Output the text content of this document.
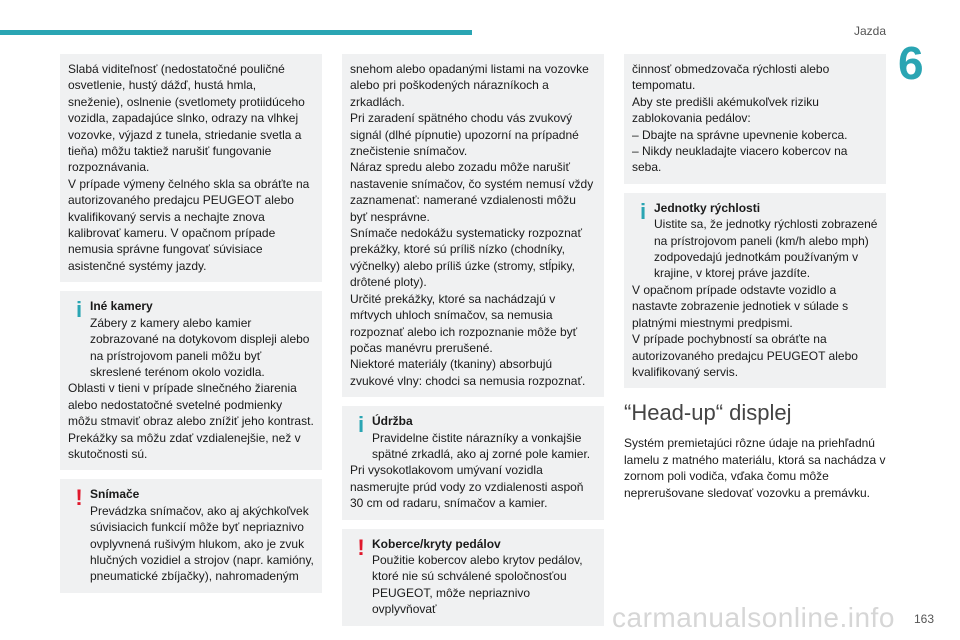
Jazda
6

Slabá viditeľnosť (nedostatočné pouličné osvetlenie, hustý dážď, hustá hmla, sneženie), oslnenie (svetlomety protiidúceho vozidla, zapadajúce slnko, odrazy na vlhkej vozovke, výjazd z tunela, striedanie svetla a tieňa) môžu taktiež narušiť fungovanie rozpoznávania.

V prípade výmeny čelného skla sa obráťte na autorizovaného predajcu PEUGEOT alebo kvalifikovaný servis a nechajte znova kalibrovať kameru. V opačnom prípade nemusia správne fungovať súvisiace asistenčné systémy jazdy.

i Iné kamery

Zábery z kamery alebo kamier zobrazované na dotykovom displeji alebo na prístrojovom paneli môžu byť skreslené terénom okolo vozidla.

Oblasti v tieni v prípade slnečného žiarenia alebo nedostatočné svetelné podmienky môžu stmaviť obraz alebo znížiť jeho kontrast.

Prekážky sa môžu zdať vzdialenejšie, než v skutočnosti sú.

! Snímače

Prevádzka snímačov, ako aj akýchkoľvek súvisiacich funkcií môže byť nepriaznivo ovplyvnená rušivým hlukom, ako je zvuk hlučných vozidiel a strojov (napr. kamióny, pneumatické zbíjačky), nahromadeným

snehom alebo opadanými listami na vozovke alebo pri poškodených nárazníkoch a zrkadlách.

Pri zaradení spätného chodu vás zvukový signál (dlhé pípnutie) upozorní na prípadné znečistenie snímačov.

Náraz spredu alebo zozadu môže narušiť nastavenie snímačov, čo systém nemusí vždy zaznamenať: namerané vzdialenosti môžu byť nesprávne.

Snímače nedokážu systematicky rozpoznať prekážky, ktoré sú príliš nízko (chodníky, výčnelky) alebo príliš úzke (stromy, stĺpiky, drôtené ploty).

Určité prekážky, ktoré sa nachádzajú v mŕtvych uhloch snímačov, sa nemusia rozpoznať alebo ich rozpoznanie môže byť počas manévru prerušené.

Niektoré materiály (tkaniny) absorbujú zvukové vlny: chodci sa nemusia rozpoznať.

i Údržba

Pravidelne čistite nárazníky a vonkajšie spätné zrkadlá, ako aj zorné pole kamier.

Pri vysokotlakovom umývaní vozidla nasmerujte prúd vody zo vzdialenosti aspoň 30 cm od radaru, snímačov a kamier.

! Koberce/kryty pedálov

Použitie kobercov alebo krytov pedálov, ktoré nie sú schválené spoločnosťou PEUGEOT, môže nepriaznivo ovplyvňovať

činnosť obmedzovača rýchlosti alebo tempomatu.

Aby ste predišli akémukoľvek riziku zablokovania pedálov:

– Dbajte na správne upevnenie koberca.

– Nikdy neukladajte viacero kobercov na seba.

i Jednotky rýchlosti

Uistite sa, že jednotky rýchlosti zobrazené na prístrojovom paneli (km/h alebo mph) zodpovedajú jednotkám používaným v krajine, v ktorej práve jazdíte.

V opačnom prípade odstavte vozidlo a nastavte zobrazenie jednotiek v súlade s platnými miestnymi predpismi.

V prípade pochybností sa obráťte na autorizovaného predajcu PEUGEOT alebo kvalifikovaný servis.

“Head-up“ displej

Systém premietajúci rôzne údaje na priehľadnú lamelu z matného materiálu, ktorá sa nachádza v zornom poli vodiča, vďaka čomu môže neprerušovane sledovať vozovku a premávku.

carmanualsonline.info 163
